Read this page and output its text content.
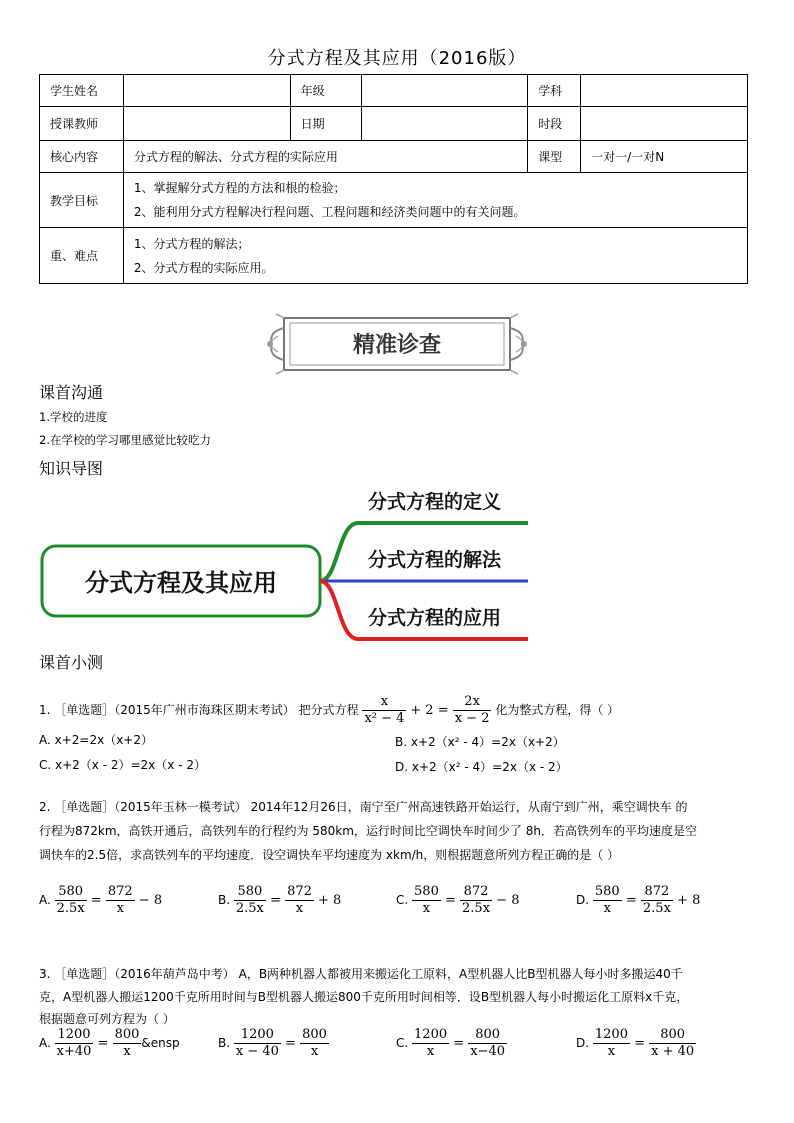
分式方程及其应用（2016版）
学生姓名		年级		学科	
授课教师		日期		时段	
核心内容	分式方程的解法、分式方程的实际应用			课型	一对一/一对N
教学目标	1、掌握解分式方程的方法和根的检验；
2、能利用分式方程解决行程问题、工程问题和经济类问题中的有关问题。				

重、难点	1、分式方程的解法；
2、分式方程的实际应用。				
精准诊查
课首沟通
1.学校的进度
2.在学校的学习哪里感觉比较吃力
知识导图
分式方程及其应用
分式方程的定义
分式方程的解法
分式方程的应用
课首小测
1. ［单选题］（2015年广州市海珠区期末考试） 把分式方程 $\frac{x}{\text{x² − 4}} + 2 = \frac{2x}{x - 2}$ 化为整式方程，得（ ）
A. x+2=2x（x+2）	B. x+2（x² - 4）=2x（x+2）
C. x+2（x - 2）=2x（x - 2）	D. x+2（x² - 4）=2x（x - 2）
2. ［单选题］（2015年玉林一模考试） 2014年12月26日，南宁至广州高速铁路开始运行，从南宁到广州，乘空调快车 的
行程为872km，高铁开通后，高铁列车的行程约为 580km，运行时间比空调快车时间少了 8h．若高铁列车的平均速度是空
调快车的2.5倍，求高铁列车的平均速度．设空调快车平均速度为 xkm/h，则根据题意所列方程正确的是（ ）
A. $\frac{580}{2.5x} = \frac{872}{x} - 8$	B. $\frac{580}{2.5x} = \frac{872}{x} + 8$	C. $\frac{580}{x} = \frac{872}{2.5x} - 8$	D. $\frac{580}{x} = \frac{872}{2.5x} + 8$
3. ［单选题］（2016年葫芦岛中考） A，B两种机器人都被用来搬运化工原料，A型机器人比B型机器人每小时多搬运40千
克，A型机器人搬运1200千克所用时间与B型机器人搬运800千克所用时间相等．设B型机器人每小时搬运化工原料x千克，
根据题意可列方程为（ ）
A. $\frac{1200}{x+40} = \frac{800}{x}$ &ensp	B. $\frac{1200}{x - 40} = \frac{800}{x}$	C. $\frac{1200}{x} = \frac{800}{x-40}$	D. $\frac{1200}{x} = \frac{800}{x + 40}$
